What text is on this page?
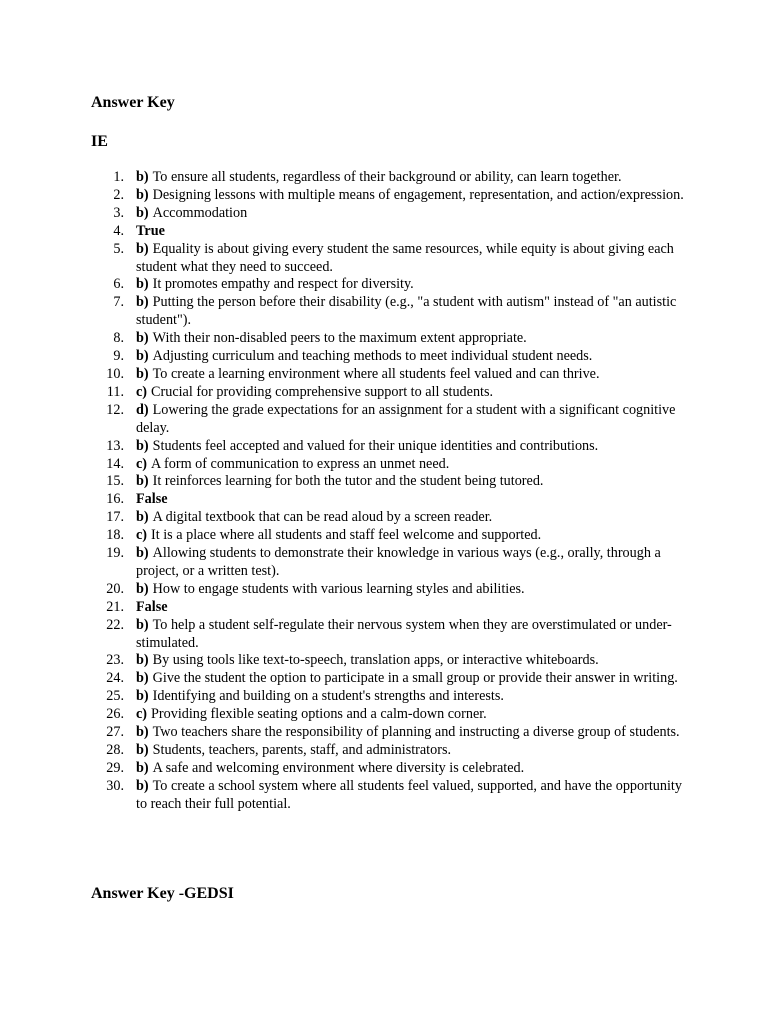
Answer Key
IE
1. b) To ensure all students, regardless of their background or ability, can learn together.
2. b) Designing lessons with multiple means of engagement, representation, and action/expression.
3. b) Accommodation
4. True
5. b) Equality is about giving every student the same resources, while equity is about giving each student what they need to succeed.
6. b) It promotes empathy and respect for diversity.
7. b) Putting the person before their disability (e.g., "a student with autism" instead of "an autistic student").
8. b) With their non-disabled peers to the maximum extent appropriate.
9. b) Adjusting curriculum and teaching methods to meet individual student needs.
10. b) To create a learning environment where all students feel valued and can thrive.
11. c) Crucial for providing comprehensive support to all students.
12. d) Lowering the grade expectations for an assignment for a student with a significant cognitive delay.
13. b) Students feel accepted and valued for their unique identities and contributions.
14. c) A form of communication to express an unmet need.
15. b) It reinforces learning for both the tutor and the student being tutored.
16. False
17. b) A digital textbook that can be read aloud by a screen reader.
18. c) It is a place where all students and staff feel welcome and supported.
19. b) Allowing students to demonstrate their knowledge in various ways (e.g., orally, through a project, or a written test).
20. b) How to engage students with various learning styles and abilities.
21. False
22. b) To help a student self-regulate their nervous system when they are overstimulated or under-stimulated.
23. b) By using tools like text-to-speech, translation apps, or interactive whiteboards.
24. b) Give the student the option to participate in a small group or provide their answer in writing.
25. b) Identifying and building on a student's strengths and interests.
26. c) Providing flexible seating options and a calm-down corner.
27. b) Two teachers share the responsibility of planning and instructing a diverse group of students.
28. b) Students, teachers, parents, staff, and administrators.
29. b) A safe and welcoming environment where diversity is celebrated.
30. b) To create a school system where all students feel valued, supported, and have the opportunity to reach their full potential.
Answer Key -GEDSI
